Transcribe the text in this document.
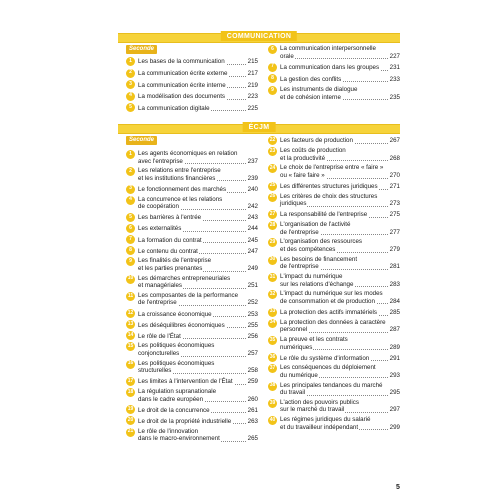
COMMUNICATION
Seconde
1 Les bases de la communication	215
2 La communication écrite externe	217
3 La communication écrite interne	219
4 La modélisation des documents	223
5 La communication digitale	225
6 La communication interpersonnelle
orale	227
7 La communication dans les groupes	231
8 La gestion des conflits	233
9 Les instruments de dialogue
et de cohésion interne	235
ÉCJM
Seconde
1 Les agents économiques en relation
avec l'entreprise	237
2 Les relations entre l'entreprise
et les institutions financières	239
3 Le fonctionnement des marchés	240
4 La concurrence et les relations
de coopération	242
5 Les barrières à l'entrée	243
6 Les externalités	244
7 La formation du contrat	245
8 Le contenu du contrat	247
9 Les finalités de l'entreprise
et les parties prenantes	249
10 Les démarches entrepreneuriales
et managériales	251
11 Les composantes de la performance
de l'entreprise	252
12 La croissance économique	253
13 Les déséquilibres économiques	255
14 Le rôle de l'État	256
15 Les politiques économiques
conjoncturelles	257
16 Les politiques économiques
structurelles	258
17 Les limites à l'intervention de l'État	259
18 La régulation supranationale
dans le cadre européen	260
19 Le droit de la concurrence	261
20 Le droit de la propriété industrielle	263
21 Le rôle de l'innovation
dans le macro-environnement	265
22 Les facteurs de production	267
23 Les coûts de production
et la productivité	268
24 Le choix de l'entreprise entre « faire »
ou « faire faire »	270
25 Les différentes structures juridiques	271
26 Les critères de choix des structures
juridiques	273
27 La responsabilité de l'entreprise	275
28 L'organisation de l'activité
de l'entreprise	277
29 L'organisation des ressources
et des compétences	279
30 Les besoins de financement
de l'entreprise	281
31 L'impact du numérique
sur les relations d'échange	283
32 L'impact du numérique sur les modes
de consommation et de production	284
33 La protection des actifs immatériels	285
34 La protection des données à caractère
personnel	287
35 La preuve et les contrats
numériques	289
36 Le rôle du système d'information	291
37 Les conséquences du déploiement
du numérique	293
38 Les principales tendances du marché
du travail	295
39 L'action des pouvoirs publics
sur le marché du travail	297
40 Les régimes juridiques du salarié
et du travailleur indépendant	299
5
